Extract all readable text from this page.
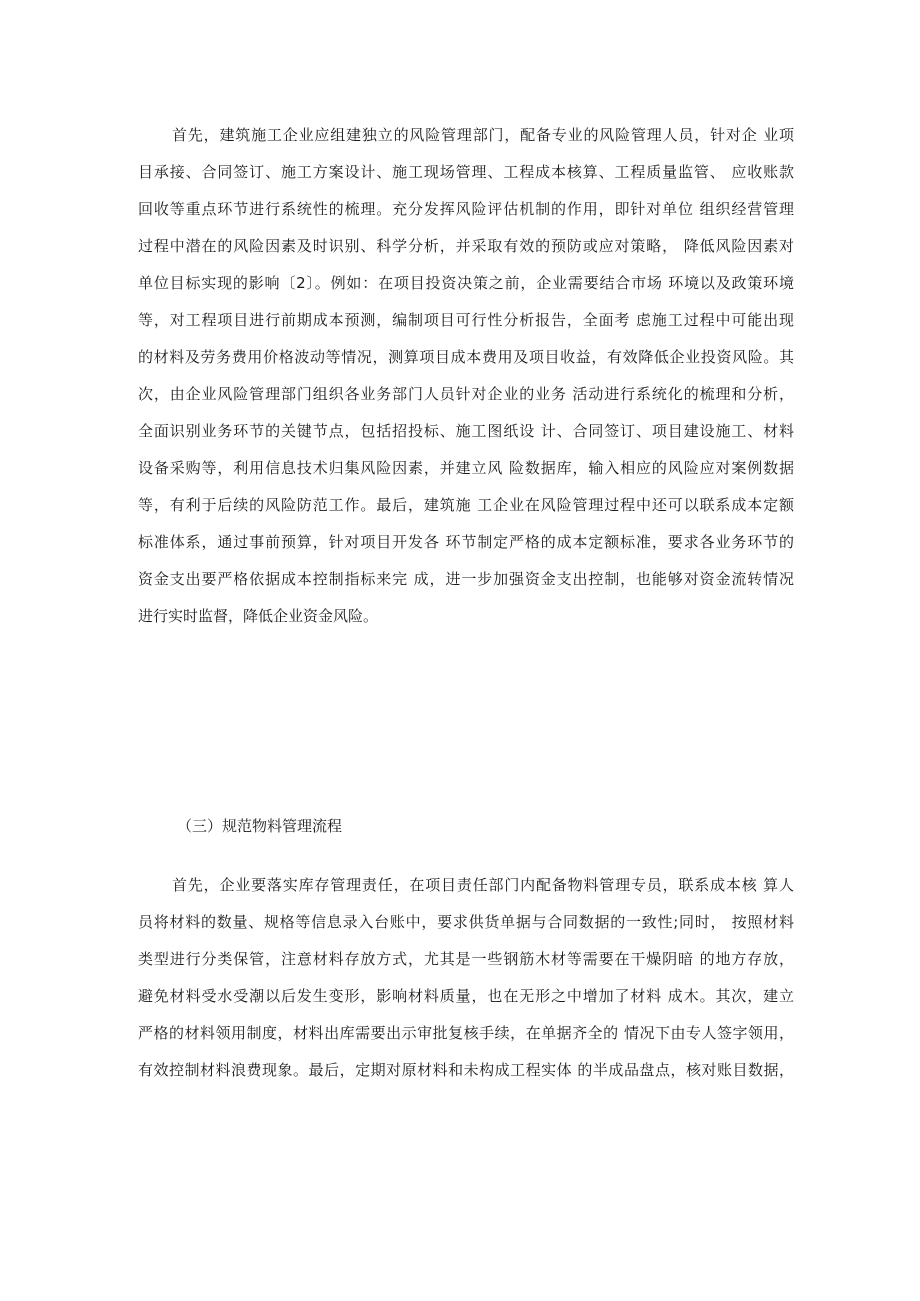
首先，建筑施工企业应组建独立的风险管理部门，配备专业的风险管理人员，针对企 业项
目承接、合同签订、施工方案设计、施工现场管理、工程成本核算、工程质量监管、 应收账款
回收等重点环节进行系统性的梳理。充分发挥风险评估机制的作用，即针对单位 组织经营管理
过程中潜在的风险因素及时识别、科学分析，并采取有效的预防或应对策略， 降低风险因素对
单位目标实现的影响〔2〕。例如：在项目投资决策之前，企业需要结合市场 环境以及政策环境
等，对工程项目进行前期成本预测，编制项目可行性分析报告，全面考 虑施工过程中可能出现
的材料及劳务费用价格波动等情况，测算项目成本费用及项目收益，有效降低企业投资风险。其
次，由企业风险管理部门组织各业务部门人员针对企业的业务 活动进行系统化的梳理和分析，
全面识别业务环节的关键节点，包括招投标、施工图纸设 计、合同签订、项目建设施工、材料
设备采购等，利用信息技术归集风险因素，并建立风 险数据库，输入相应的风险应对案例数据
等，有利于后续的风险防范工作。最后，建筑施 工企业在风险管理过程中还可以联系成本定额
标准体系，通过事前预算，针对项目开发各 环节制定严格的成本定额标准，要求各业务环节的
资金支出要严格依据成本控制指标来完 成，进一步加强资金支出控制，也能够对资金流转情况
进行实时监督，降低企业资金风险。
（三）规范物料管理流程
首先，企业要落实库存管理责任，在项目责任部门内配备物料管理专员，联系成本核 算人
员将材料的数量、规格等信息录入台账中，要求供货单据与合同数据的一致性;同时， 按照材料
类型进行分类保管，注意材料存放方式，尤其是一些钢筋木材等需要在干燥阴暗 的地方存放，
避免材料受水受潮以后发生变形，影响材料质量，也在无形之中增加了材料 成木。其次，建立
严格的材料领用制度，材料出库需要出示审批复核手续，在单据齐全的 情况下由专人签字领用，
有效控制材料浪费现象。最后，定期对原材料和未构成工程实体 的半成品盘点，核对账目数据，
